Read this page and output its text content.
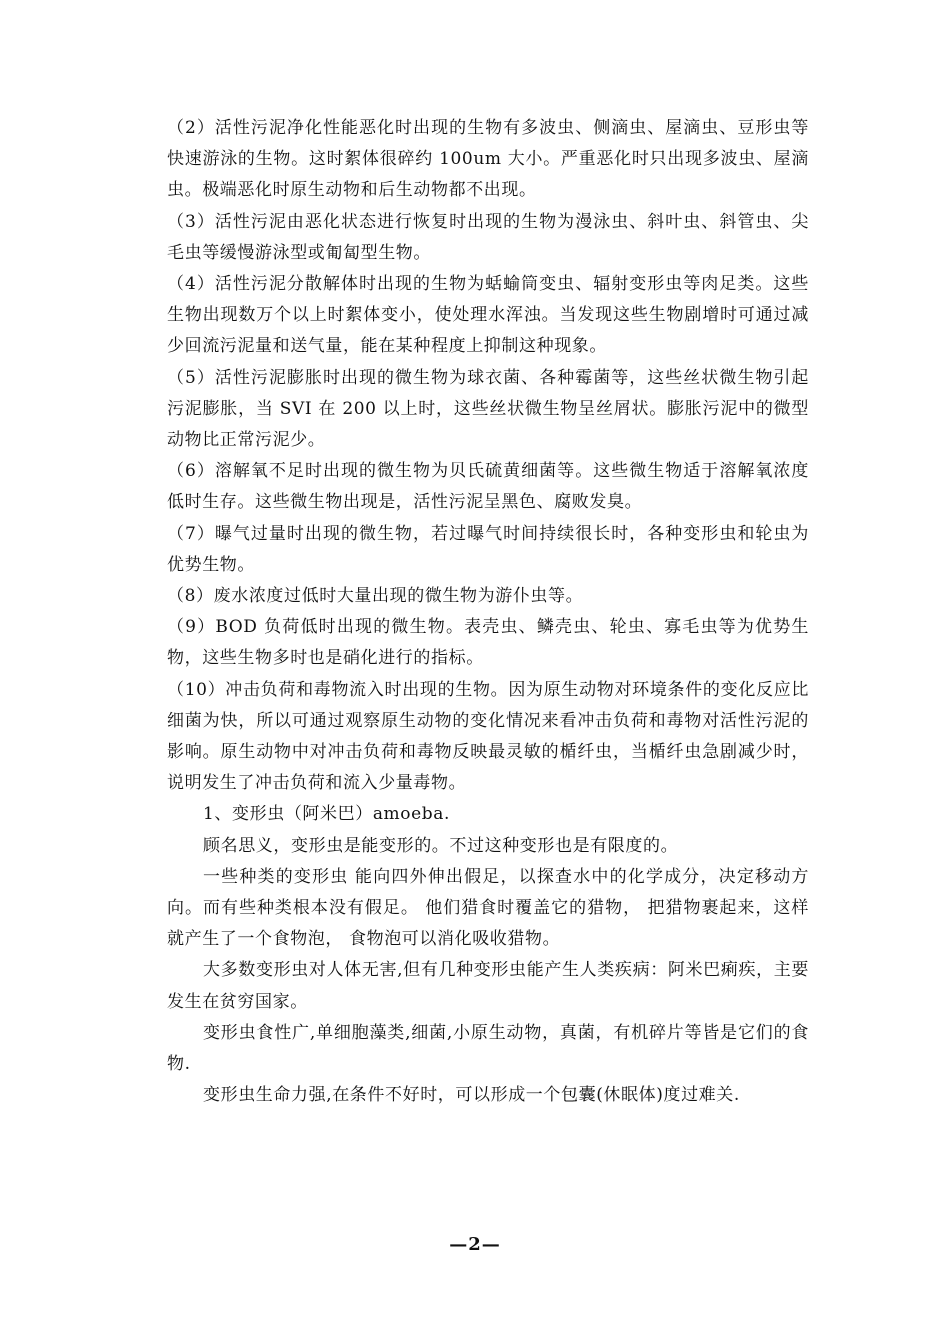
（2）活性污泥净化性能恶化时出现的生物有多波虫、侧滴虫、屋滴虫、豆形虫等快速游泳的生物。这时絮体很碎约 100um 大小。严重恶化时只出现多波虫、屋滴虫。极端恶化时原生动物和后生动物都不出现。

（3）活性污泥由恶化状态进行恢复时出现的生物为漫泳虫、斜叶虫、斜管虫、尖毛虫等缓慢游泳型或匍匐型生物。

（4）活性污泥分散解体时出现的生物为蛞蝓筒变虫、辐射变形虫等肉足类。这些生物出现数万个以上时絮体变小，使处理水浑浊。当发现这些生物剧增时可通过减少回流污泥量和送气量，能在某种程度上抑制这种现象。

（5）活性污泥膨胀时出现的微生物为球衣菌、各种霉菌等，这些丝状微生物引起污泥膨胀，当 SVI 在 200 以上时，这些丝状微生物呈丝屑状。膨胀污泥中的微型动物比正常污泥少。

（6）溶解氧不足时出现的微生物为贝氏硫黄细菌等。这些微生物适于溶解氧浓度低时生存。这些微生物出现是，活性污泥呈黑色、腐败发臭。

（7）曝气过量时出现的微生物，若过曝气时间持续很长时，各种变形虫和轮虫为优势生物。

（8）废水浓度过低时大量出现的微生物为游仆虫等。

（9）BOD 负荷低时出现的微生物。表壳虫、鳞壳虫、轮虫、寡毛虫等为优势生物，这些生物多时也是硝化进行的指标。

（10）冲击负荷和毒物流入时出现的生物。因为原生动物对环境条件的变化反应比细菌为快，所以可通过观察原生动物的变化情况来看冲击负荷和毒物对活性污泥的影响。原生动物中对冲击负荷和毒物反映最灵敏的楯纤虫，当楯纤虫急剧减少时，说明发生了冲击负荷和流入少量毒物。

1、变形虫（阿米巴）amoeba.

顾名思义，变形虫是能变形的。不过这种变形也是有限度的。

一些种类的变形虫 能向四外伸出假足，以探查水中的化学成分，决定移动方向。而有些种类根本没有假足。 他们猎食时覆盖它的猎物， 把猎物裹起来，这样就产生了一个食物泡， 食物泡可以消化吸收猎物。

大多数变形虫对人体无害,但有几种变形虫能产生人类疾病：阿米巴痢疾，主要发生在贫穷国家。

变形虫食性广,单细胞藻类,细菌,小原生动物，真菌，有机碎片等皆是它们的食物.

变形虫生命力强,在条件不好时，可以形成一个包囊(休眠体)度过难关.

—2—
